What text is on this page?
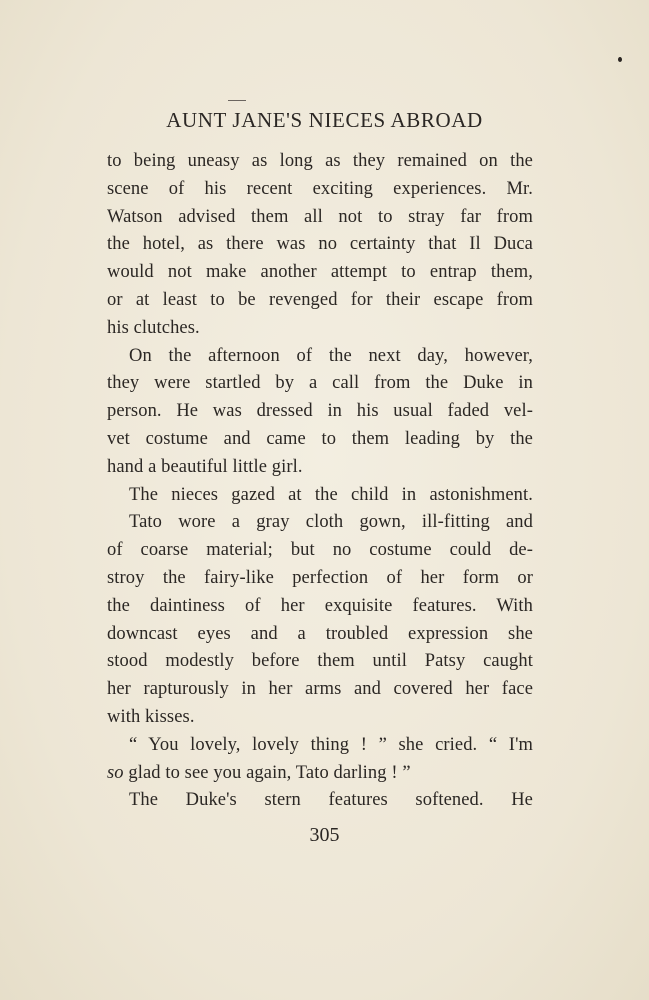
AUNT JANE'S NIECES ABROAD
to being uneasy as long as they remained on the
scene of his recent exciting experiences. Mr.
Watson advised them all not to stray far from
the hotel, as there was no certainty that Il Duca
would not make another attempt to entrap them,
or at least to be revenged for their escape from
his clutches.
On the afternoon of the next day, however,
they were startled by a call from the Duke in
person. He was dressed in his usual faded vel-
vet costume and came to them leading by the
hand a beautiful little girl.
The nieces gazed at the child in astonishment.
Tato wore a gray cloth gown, ill-fitting and
of coarse material; but no costume could de-
stroy the fairy-like perfection of her form or
the daintiness of her exquisite features. With
downcast eyes and a troubled expression she
stood modestly before them until Patsy caught
her rapturously in her arms and covered her face
with kisses.
“ You lovely, lovely thing ! ” she cried. “ I'm
so glad to see you again, Tato darling ! ”
The Duke's stern features softened. He
305
